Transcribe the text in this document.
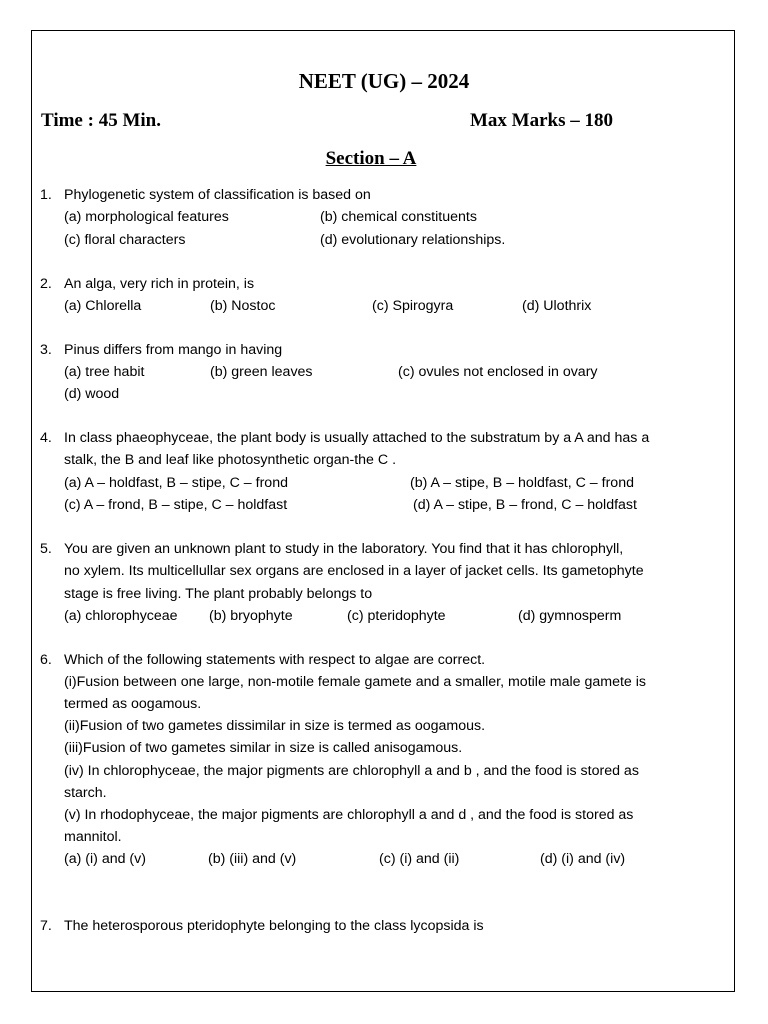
NEET (UG) – 2024
Time : 45 Min.	Max Marks – 180
Section – A
1. Phylogenetic system of classification is based on
(a) morphological features	(b) chemical constituents
(c) floral characters	(d) evolutionary relationships.
2. An alga, very rich in protein, is
(a) Chlorella	(b) Nostoc	(c) Spirogyra	(d) Ulothrix
3. Pinus differs from mango in having
(a) tree habit	(b) green leaves	(c) ovules not enclosed in ovary
(d) wood
4. In class phaeophyceae, the plant body is usually attached to the substratum by a A and has a
stalk, the B and leaf like photosynthetic organ-the C .
(a) A – holdfast, B – stipe, C – frond	(b) A – stipe, B – holdfast, C – frond
(c) A – frond, B – stipe, C – holdfast	(d) A – stipe, B – frond, C – holdfast
5. You are given an unknown plant to study in the laboratory. You find that it has chlorophyll,
no xylem. Its multicellullar sex organs are enclosed in a layer of jacket cells. Its gametophyte
stage is free living. The plant probably belongs to
(a) chlorophyceae (b) bryophyte	(c) pteridophyte	(d) gymnosperm
6. Which of the following statements with respect to algae are correct.
(i)Fusion between one large, non-motile female gamete and a smaller, motile male gamete is
termed as oogamous.
(ii)Fusion of two gametes dissimilar in size is termed as oogamous.
(iii)Fusion of two gametes similar in size is called anisogamous.
(iv) In chlorophyceae, the major pigments are chlorophyll a and b , and the food is stored as
starch.
(v) In rhodophyceae, the major pigments are chlorophyll a and d , and the food is stored as
mannitol.
(a) (i) and (v)	(b) (iii) and (v)	(c) (i) and (ii)	(d) (i) and (iv)
7. The heterosporous pteridophyte belonging to the class lycopsida is
